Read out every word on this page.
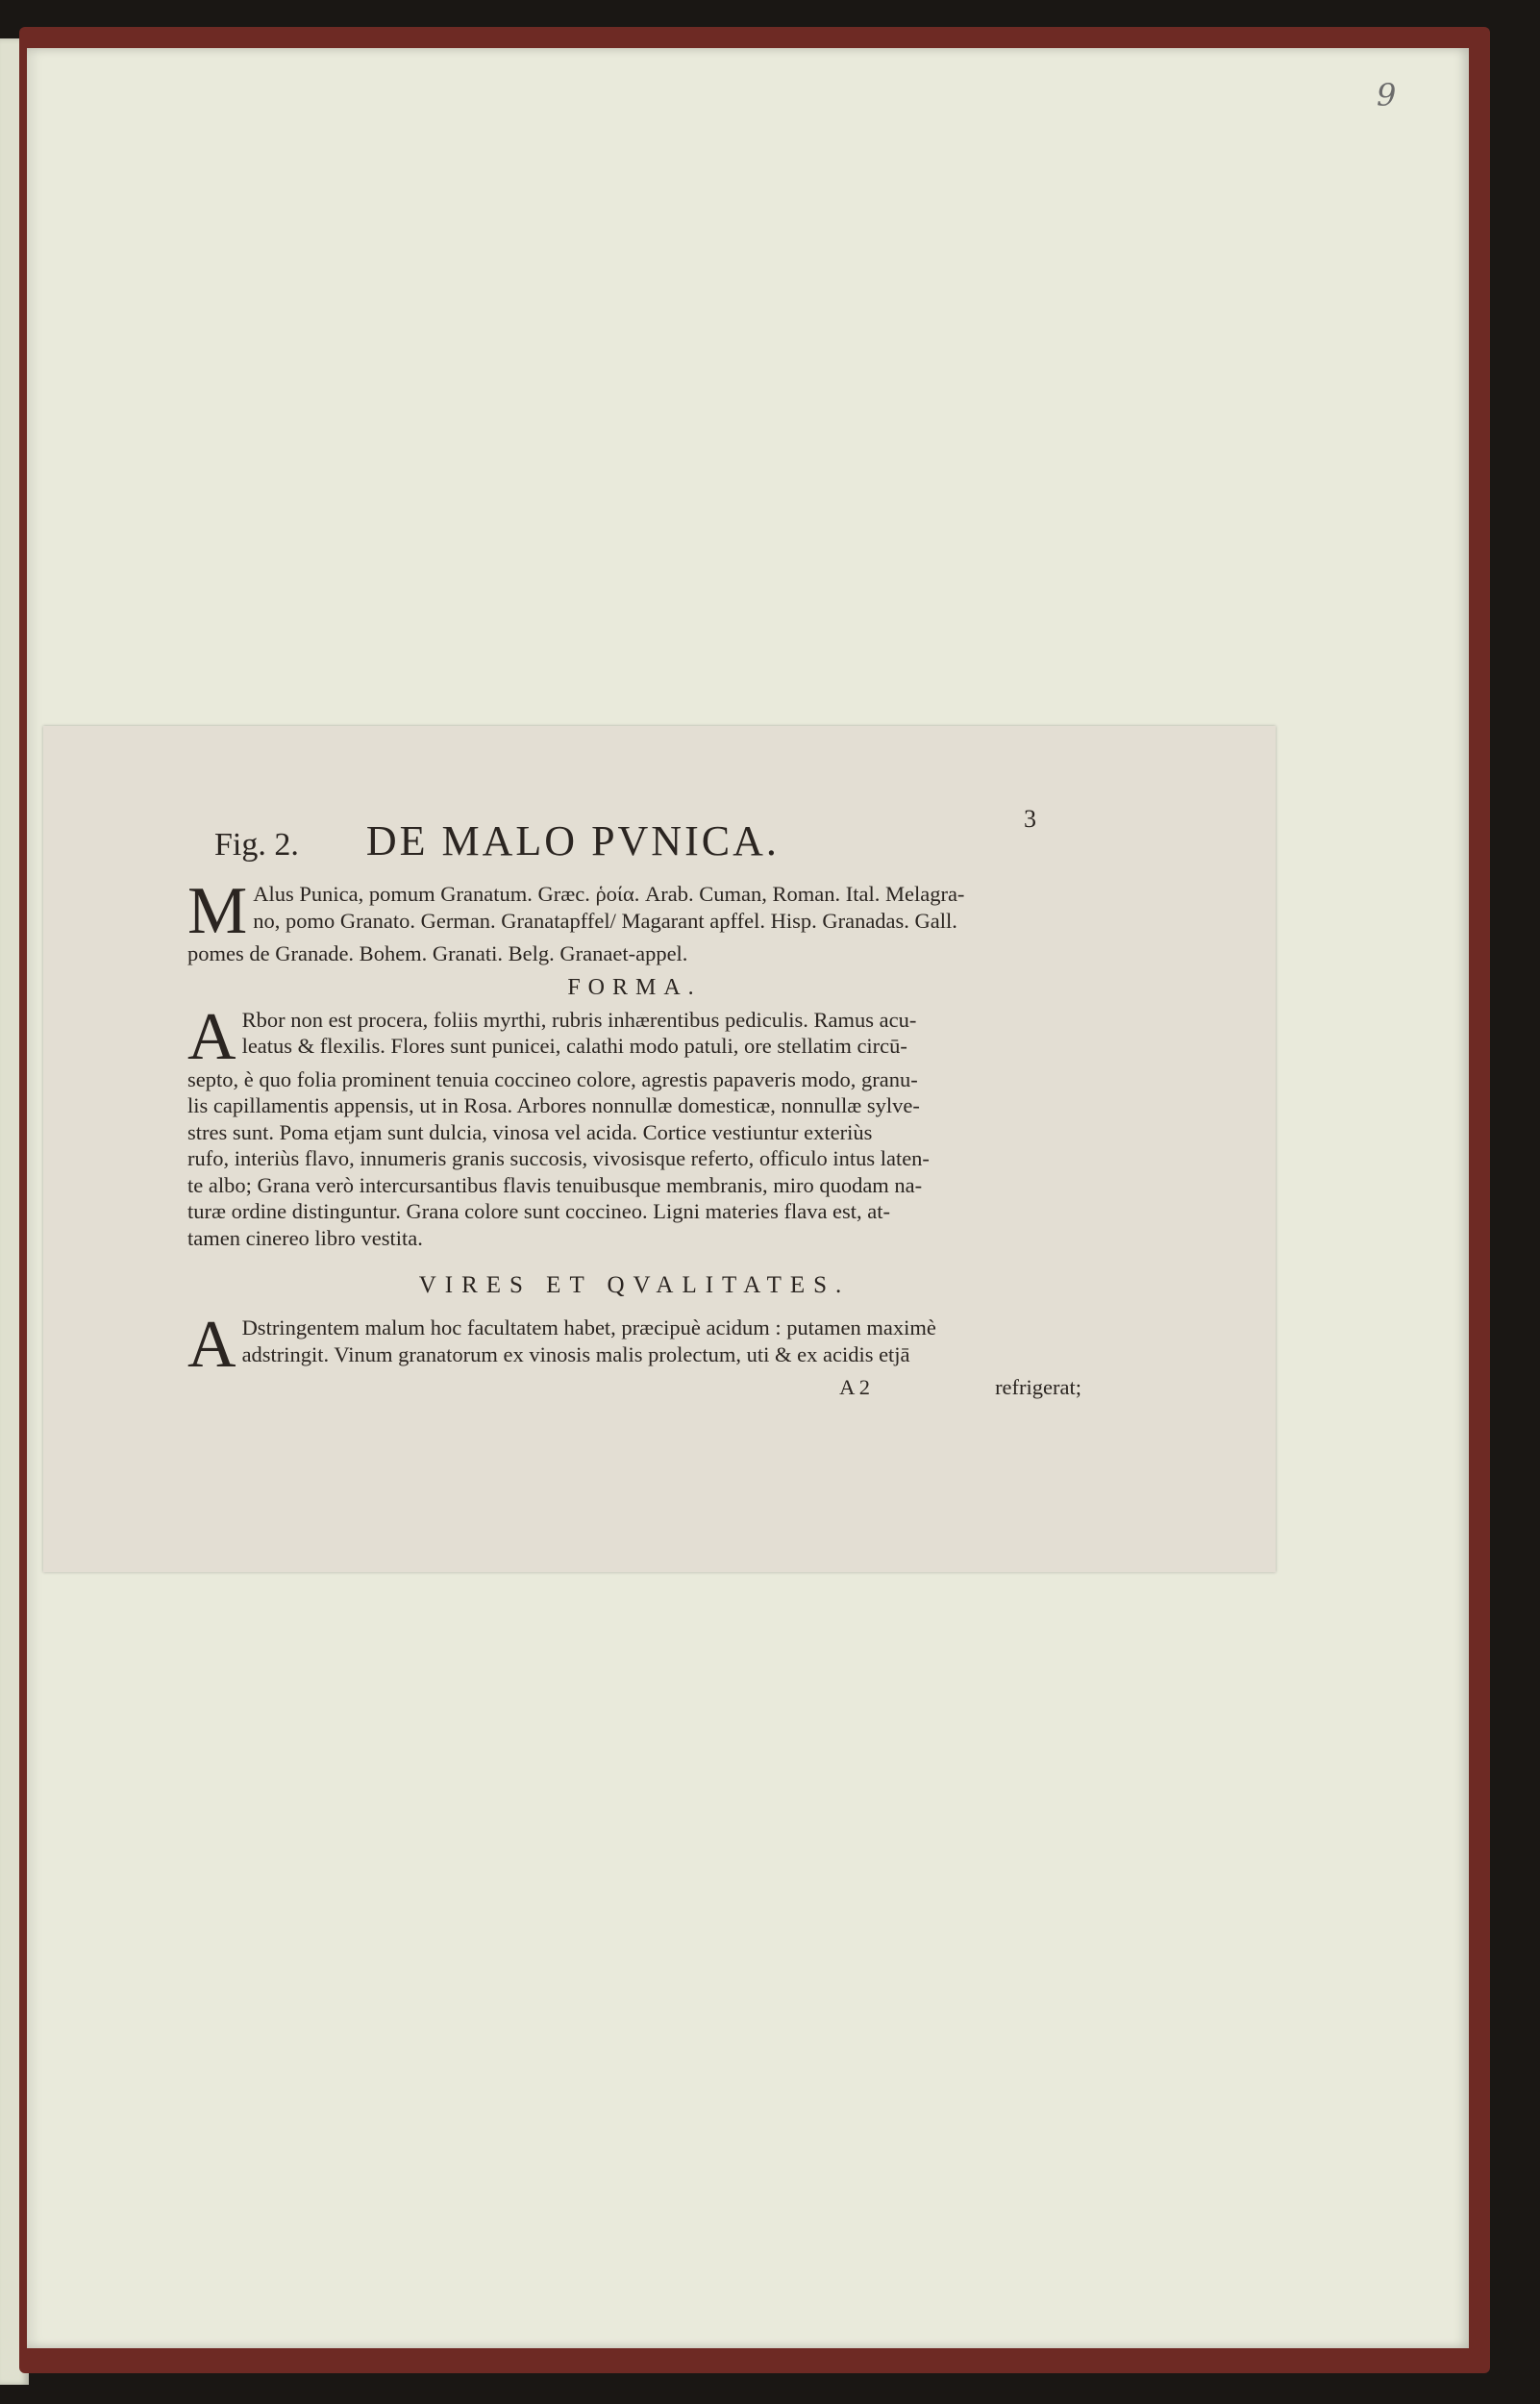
9
3
Fig. 2. DE MALO PVNICA.
M Alus Punica, pomum Granatum. Græc. ῥοία. Arab. Cuman, Roman. Ital. Melagra-
no, pomo Granato. German. Granatapffel/ Magarant apffel. Hisp. Granadas. Gall.
pomes de Granade. Bohem. Granati. Belg. Granaet-appel.
FORMA.
A Rbor non est procera, foliis myrthi, rubris inhærentibus pediculis. Ramus acu-
leatus & flexilis. Flores sunt punicei, calathi modo patuli, ore stellatim circū-
septo, è quo folia prominent tenuia coccineo colore, agrestis papaveris modo, granu-
lis capillamentis appensis, ut in Rosa. Arbores nonnullæ domesticæ, nonnullæ sylve-
stres sunt. Poma etjam sunt dulcia, vinosa vel acida. Cortice vestiuntur exteriùs
rufo, interiùs flavo, innumeris granis succosis, vivosisque referto, officulo intus laten-
te albo; Grana verò intercursantibus flavis tenuibusque membranis, miro quodam na-
turæ ordine distinguntur. Grana colore sunt coccineo. Ligni materies flava est, at-
tamen cinereo libro vestita.
VIRES ET QVALITATES.
A Dstringentem malum hoc facultatem habet, præcipuè acidum : putamen maximè
adstringit. Vinum granatorum ex vinosis malis prolectum, uti & ex acidis etjā
A 2	refrigerat;
